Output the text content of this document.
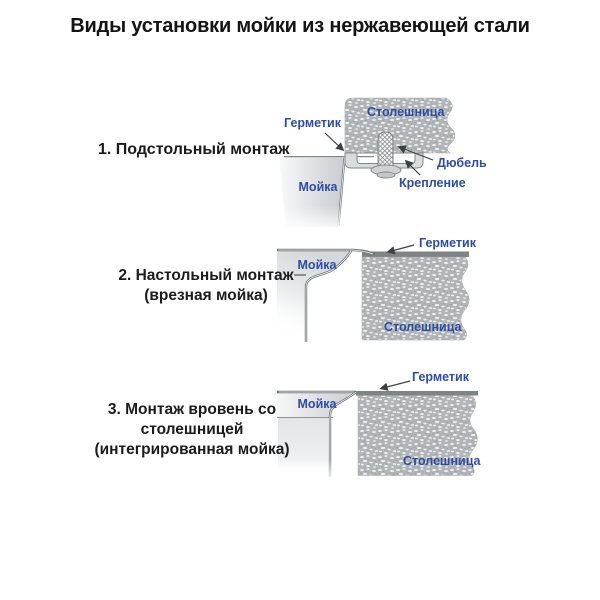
Виды установки мойки из нержавеющей стали
1. Подстольный монтаж
Герметик
Столешница
Мойка
Дюбель
Крепление
2. Настольный монтаж
(врезная мойка)
Мойка
Герметик
Столешница
3. Монтаж вровень со
столешницей
(интегрированная мойка)
Мойка
Герметик
Столешница
